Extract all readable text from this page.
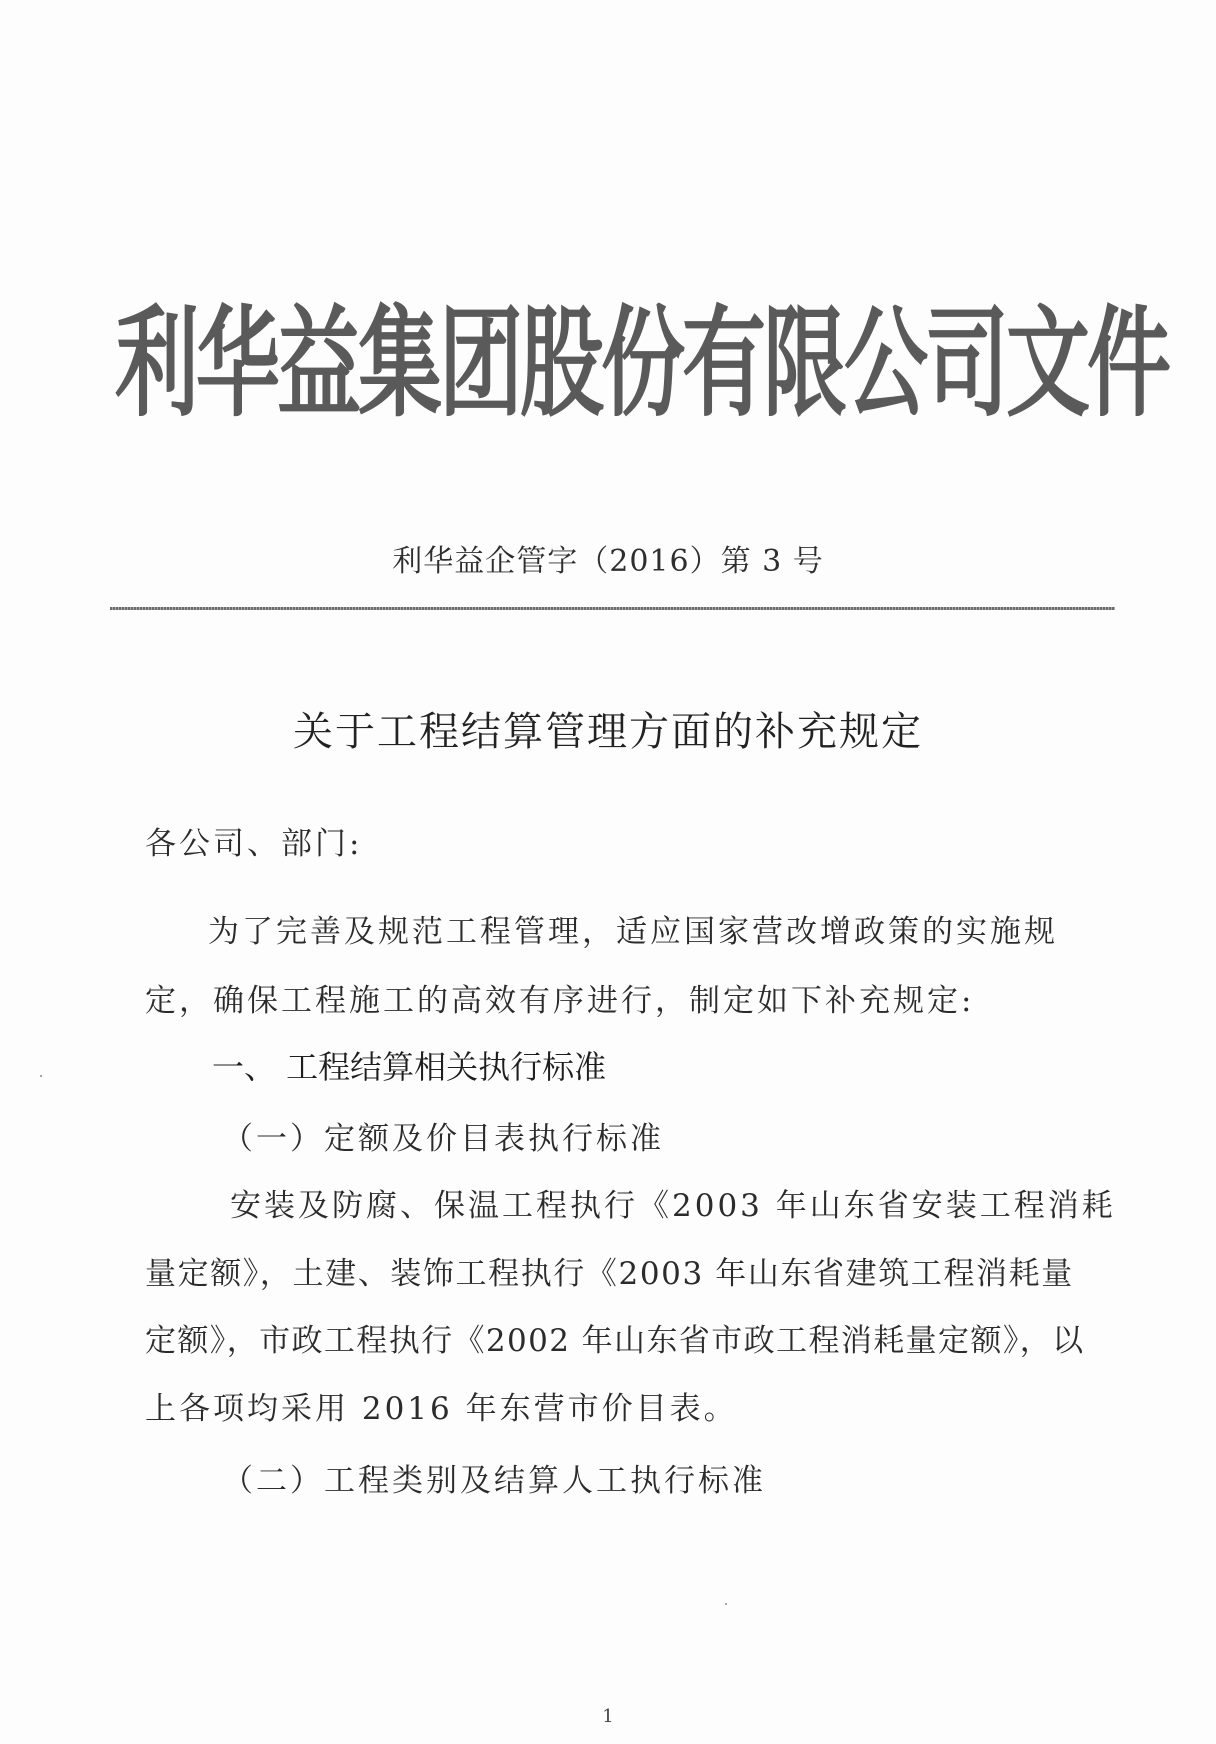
利华益集团股份有限公司文件
利华益企管字（2016）第 3 号
关于工程结算管理方面的补充规定
各公司、部门:
为了完善及规范工程管理，适应国家营改增政策的实施规
定，确保工程施工的高效有序进行，制定如下补充规定:
一、 工程结算相关执行标准
（一）定额及价目表执行标准
安装及防腐、保温工程执行《2003 年山东省安装工程消耗
量定额》，土建、装饰工程执行《2003 年山东省建筑工程消耗量
定额》，市政工程执行《2002 年山东省市政工程消耗量定额》，以
上各项均采用 2016 年东营市价目表。
（二）工程类别及结算人工执行标准
1
